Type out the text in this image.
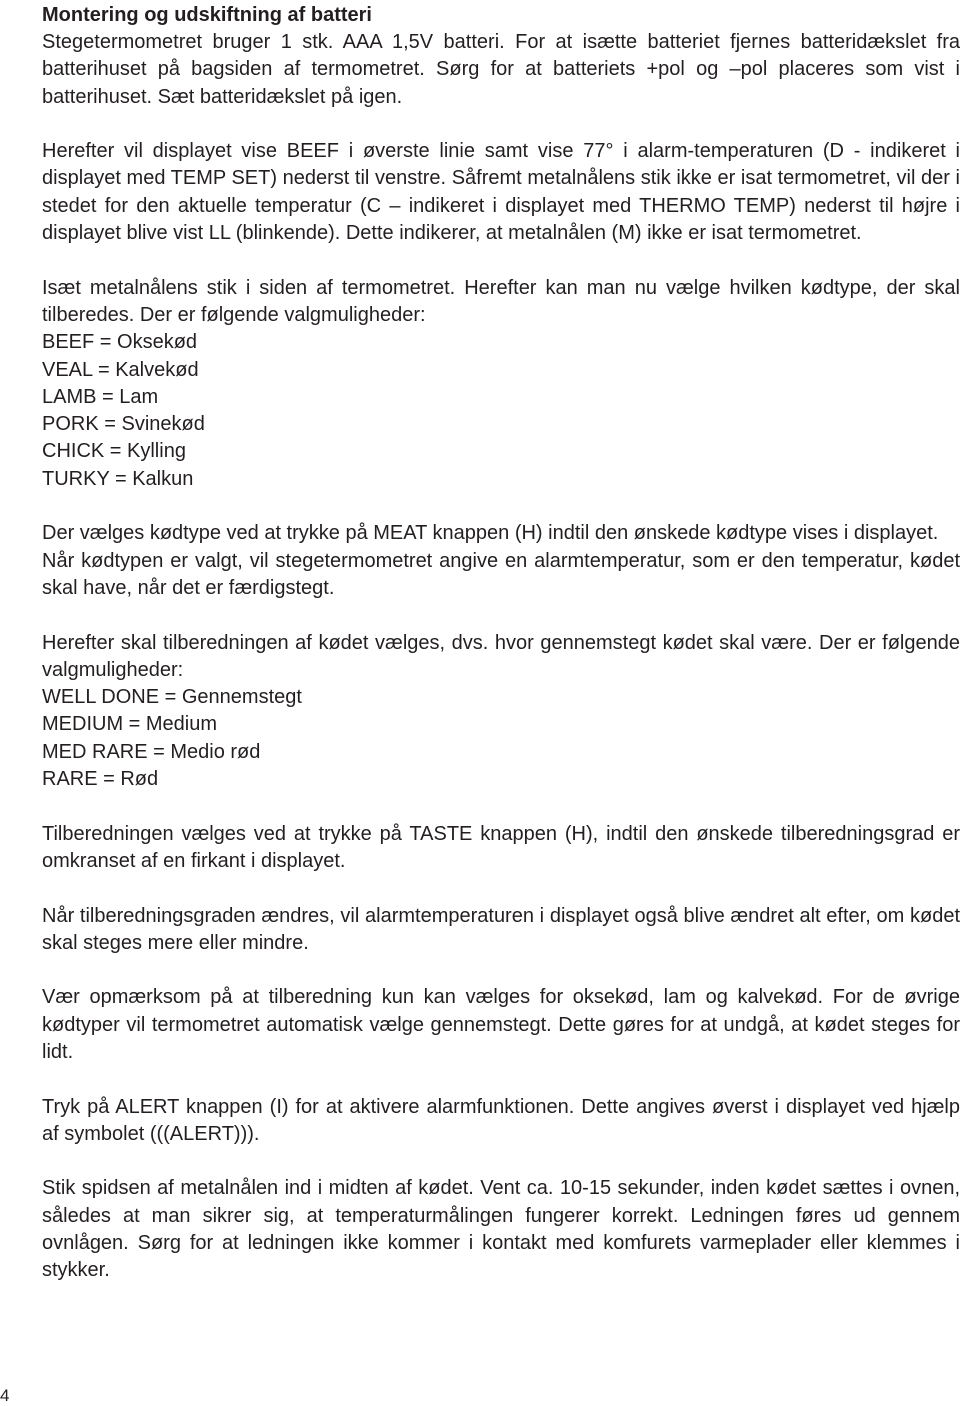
Montering og udskiftning af batteri

Stegetermometret bruger 1 stk. AAA 1,5V batteri. For at isætte batteriet fjernes batteridækslet fra batterihuset på bagsiden af termometret. Sørg for at batteriets +pol og –pol placeres som vist i batterihuset. Sæt batteridækslet på igen.

Herefter vil displayet vise BEEF i øverste linie samt vise 77° i alarm-temperaturen (D - indikeret i displayet med TEMP SET) nederst til venstre. Såfremt metalnålens stik ikke er isat termometret, vil der i stedet for den aktuelle temperatur (C – indikeret i displayet med THERMO TEMP) nederst til højre i displayet blive vist LL (blinkende). Dette indikerer, at metalnålen (M) ikke er isat termometret.

Isæt metalnålens stik i siden af termometret. Herefter kan man nu vælge hvilken kødtype, der skal tilberedes. Der er følgende valgmuligheder:

BEEF = Oksekød
VEAL = Kalvekød
LAMB = Lam
PORK = Svinekød
CHICK = Kylling
TURKY = Kalkun

Der vælges kødtype ved at trykke på MEAT knappen (H) indtil den ønskede kødtype vises i displayet.

Når kødtypen er valgt, vil stegetermometret angive en alarmtemperatur, som er den temperatur, kødet skal have, når det er færdigstegt.

Herefter skal tilberedningen af kødet vælges, dvs. hvor gennemstegt kødet skal være. Der er følgende valgmuligheder:

WELL DONE = Gennemstegt
MEDIUM = Medium
MED RARE = Medio rød
RARE = Rød

Tilberedningen vælges ved at trykke på TASTE knappen (H), indtil den ønskede tilberedningsgrad er omkranset af en firkant i displayet.

Når tilberedningsgraden ændres, vil alarmtemperaturen i displayet også blive ændret alt efter, om kødet skal steges mere eller mindre.

Vær opmærksom på at tilberedning kun kan vælges for oksekød, lam og kalvekød. For de øvrige kødtyper vil termometret automatisk vælge gennemstegt. Dette gøres for at undgå, at kødet steges for lidt.

Tryk på ALERT knappen (I) for at aktivere alarmfunktionen. Dette angives øverst i displayet ved hjælp af symbolet (((ALERT))).

Stik spidsen af metalnålen ind i midten af kødet. Vent ca. 10-15 sekunder, inden kødet sættes i ovnen, således at man sikrer sig, at temperaturmålingen fungerer korrekt. Ledningen føres ud gennem ovnlågen. Sørg for at ledningen ikke kommer i kontakt med komfurets varmeplader eller klemmes i stykker.

4
